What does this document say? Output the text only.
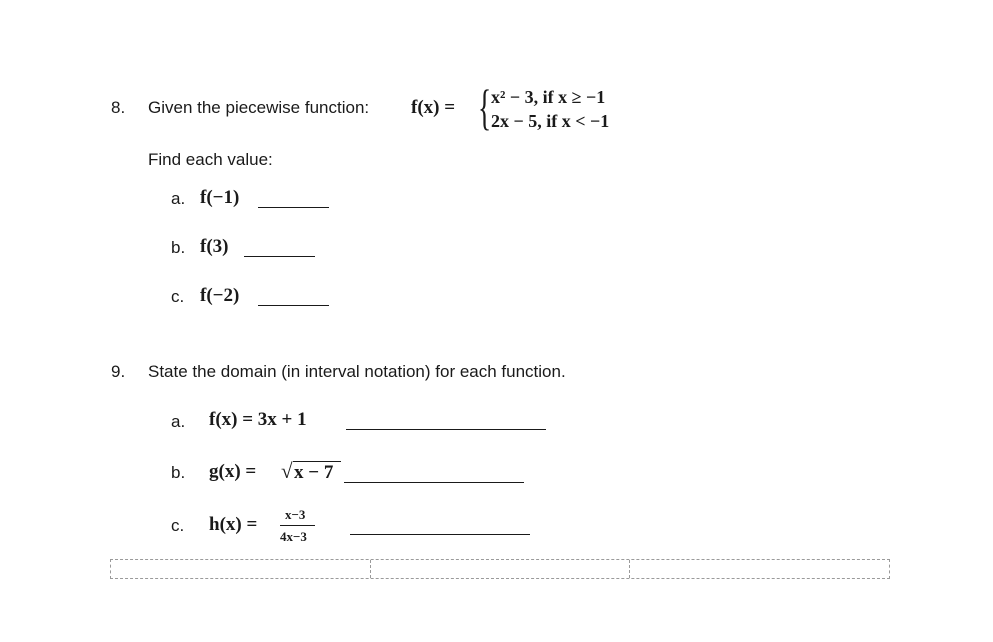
8. Given the piecewise function: f(x) = { x² − 3, if x ≥ −1
2x − 5, if x < −1
Find each value:
a. f(−1)
b. f(3)
c. f(−2)
9. State the domain (in interval notation) for each function.
a. f(x) = 3x + 1
b. g(x) = √ x − 7
c. h(x) = x−3
4x−3
